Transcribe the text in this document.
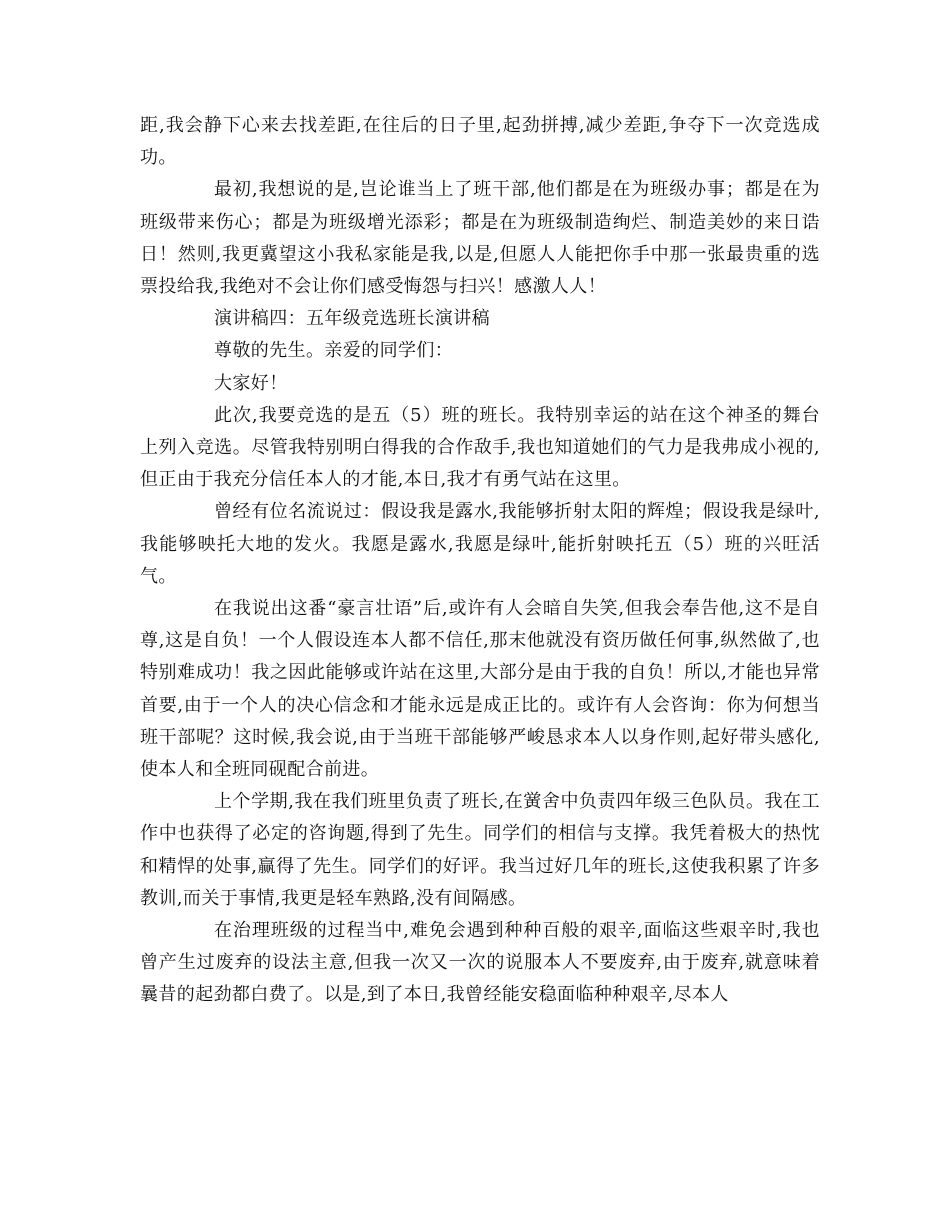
距,我会静下心来去找差距,在往后的日子里,起劲拼搏,减少差距,争夺下一次竞选成功。

最初,我想说的是,岂论谁当上了班干部,他们都是在为班级办事；都是在为班级带来伤心；都是为班级增光添彩；都是在为班级制造绚烂、制造美妙的来日诰日！然则,我更冀望这小我私家能是我,以是,但愿人人能把你手中那一张最贵重的选票投给我,我绝对不会让你们感受悔怨与扫兴！感激人人！

演讲稿四：五年级竞选班长演讲稿

尊敬的先生。亲爱的同学们：

大家好！

此次,我要竞选的是五（5）班的班长。我特别幸运的站在这个神圣的舞台上列入竞选。尽管我特别明白得我的合作敌手,我也知道她们的气力是我弗成小视的,但正由于我充分信任本人的才能,本日,我才有勇气站在这里。

曾经有位名流说过：假设我是露水,我能够折射太阳的辉煌；假设我是绿叶,我能够映托大地的发火。我愿是露水,我愿是绿叶,能折射映托五（5）班的兴旺活气。

在我说出这番“豪言壮语”后,或许有人会暗自失笑,但我会奉告他,这不是自尊,这是自负！一个人假设连本人都不信任,那末他就没有资历做任何事,纵然做了,也特别难成功！我之因此能够或许站在这里,大部分是由于我的自负！所以,才能也异常首要,由于一个人的决心信念和才能永远是成正比的。或许有人会咨询：你为何想当班干部呢？这时候,我会说,由于当班干部能够严峻恳求本人以身作则,起好带头感化,使本人和全班同砚配合前进。

上个学期,我在我们班里负责了班长,在黉舍中负责四年级三色队员。我在工作中也获得了必定的咨询题,得到了先生。同学们的相信与支撑。我凭着极大的热忱和精悍的处事,赢得了先生。同学们的好评。我当过好几年的班长,这使我积累了许多教训,而关于事情,我更是轻车熟路,没有间隔感。

在治理班级的过程当中,难免会遇到种种百般的艰辛,面临这些艰辛时,我也曾产生过废弃的设法主意,但我一次又一次的说服本人不要废弃,由于废弃,就意味着曩昔的起劲都白费了。以是,到了本日,我曾经能安稳面临种种艰辛,尽本人
